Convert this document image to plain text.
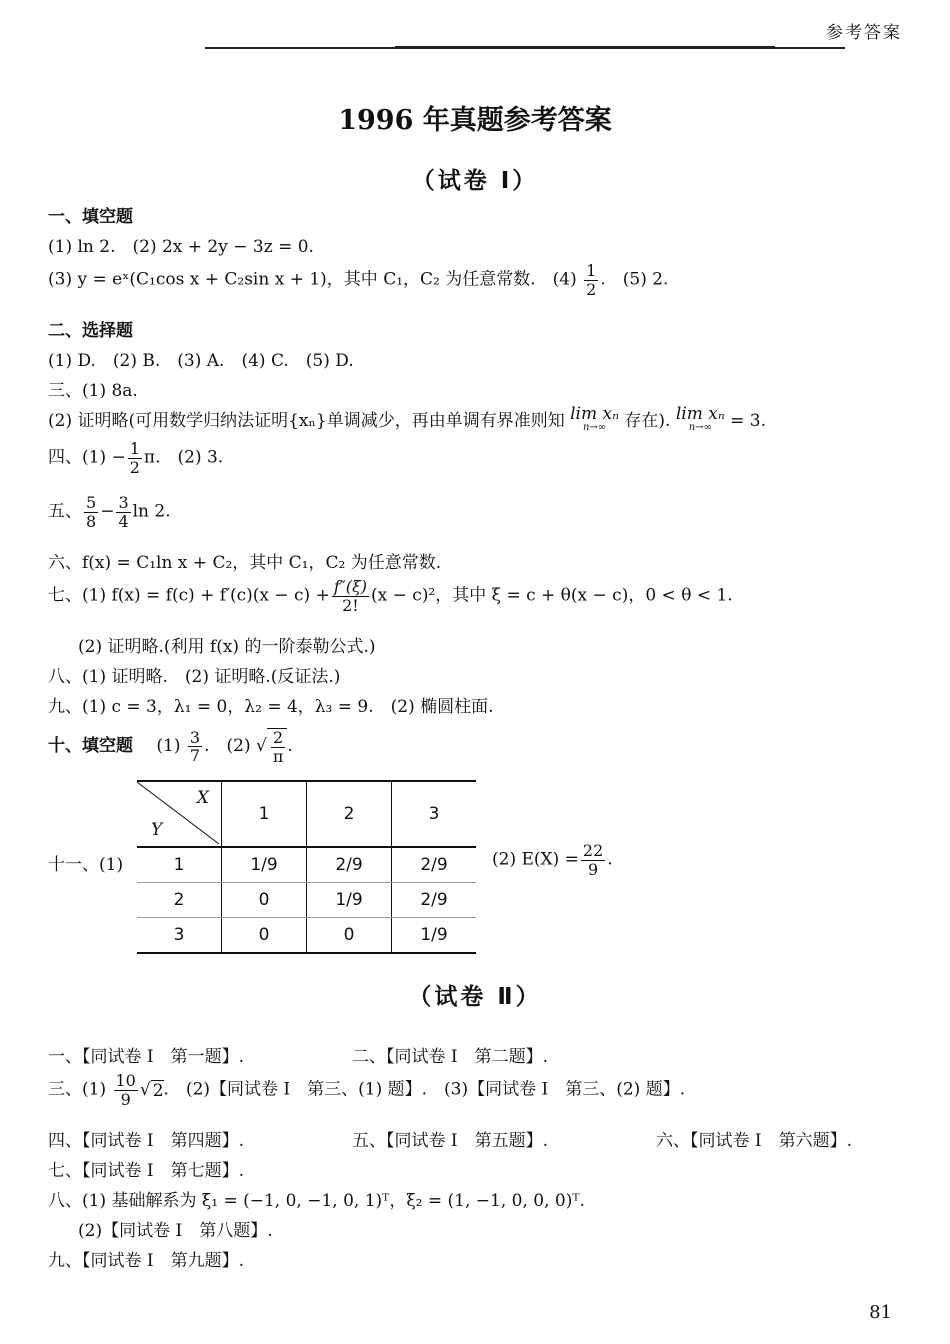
参考答案
1996 年真题参考答案
（试卷 Ⅰ）
一、填空题
(1) ln 2.　(2) 2x + 2y − 3z = 0.
(3) y = eˣ(C₁cos x + C₂sin x + 1)，其中 C₁，C₂ 为任意常数.　$(4) \frac{1}{2}$ .　(5) 2.
二、选择题
(1) D.　(2) B.　(3) A.　(4) C.　(5) D.
三、(1) 8a.
(2) 证明略(可用数学归纳法证明{xₙ}单调减少，再由单调有界准则知 lim xₙ
n→∞	存在). lim xₙ
n→∞	= 3.
四、$(1) - \frac{1}{2} \pi$.　(2) 3.
五、 $\frac{5}{8} - \frac{3}{4}$ ln 2.
六、f(x) = C₁ln x + C₂，其中 C₁，C₂ 为任意常数.
七、(1) $f(x) = f(c) + f'(c)(x - c) + \frac{f''(\xi)}{2!} (x - c)^2$，其中 ξ = c + θ(x − c)，0 < θ < 1.
(2) 证明略.(利用 f(x) 的一阶泰勒公式.)
八、(1) 证明略.　(2) 证明略.(反证法.)
九、(1) c = 3，λ₁ = 0，λ₂ = 4，λ₃ = 9.　(2) 椭圆柱面.
十、填空题 $(1) \frac{3}{7}$ .　(2) √ $\frac{2}{\pi}$ .
十一、(1)
X
Y	1	2	3
1	1/9	2/9	2/9
2	0	1/9	2/9
3	0	0	1/9
(2) $E(X) = \frac{22}{9}$ .
（试卷 Ⅱ）
一、【同试卷 Ⅰ　第一题】.	二、【同试卷 Ⅰ　第二题】.
三、$(1) \frac{10}{9}$ √ 2.　(2)【同试卷 Ⅰ　第三、(1) 题】.　(3)【同试卷 Ⅰ　第三、(2) 题】.
四、【同试卷 Ⅰ　第四题】.	五、【同试卷 Ⅰ　第五题】.	六、【同试卷 Ⅰ　第六题】.
七、【同试卷 Ⅰ　第七题】.
八、(1) 基础解系为 ξ₁ = (−1, 0, −1, 0, 1)ᵀ，ξ₂ = (1, −1, 0, 0, 0)ᵀ.
(2)【同试卷 Ⅰ　第八题】.
九、【同试卷 Ⅰ　第九题】.
81
